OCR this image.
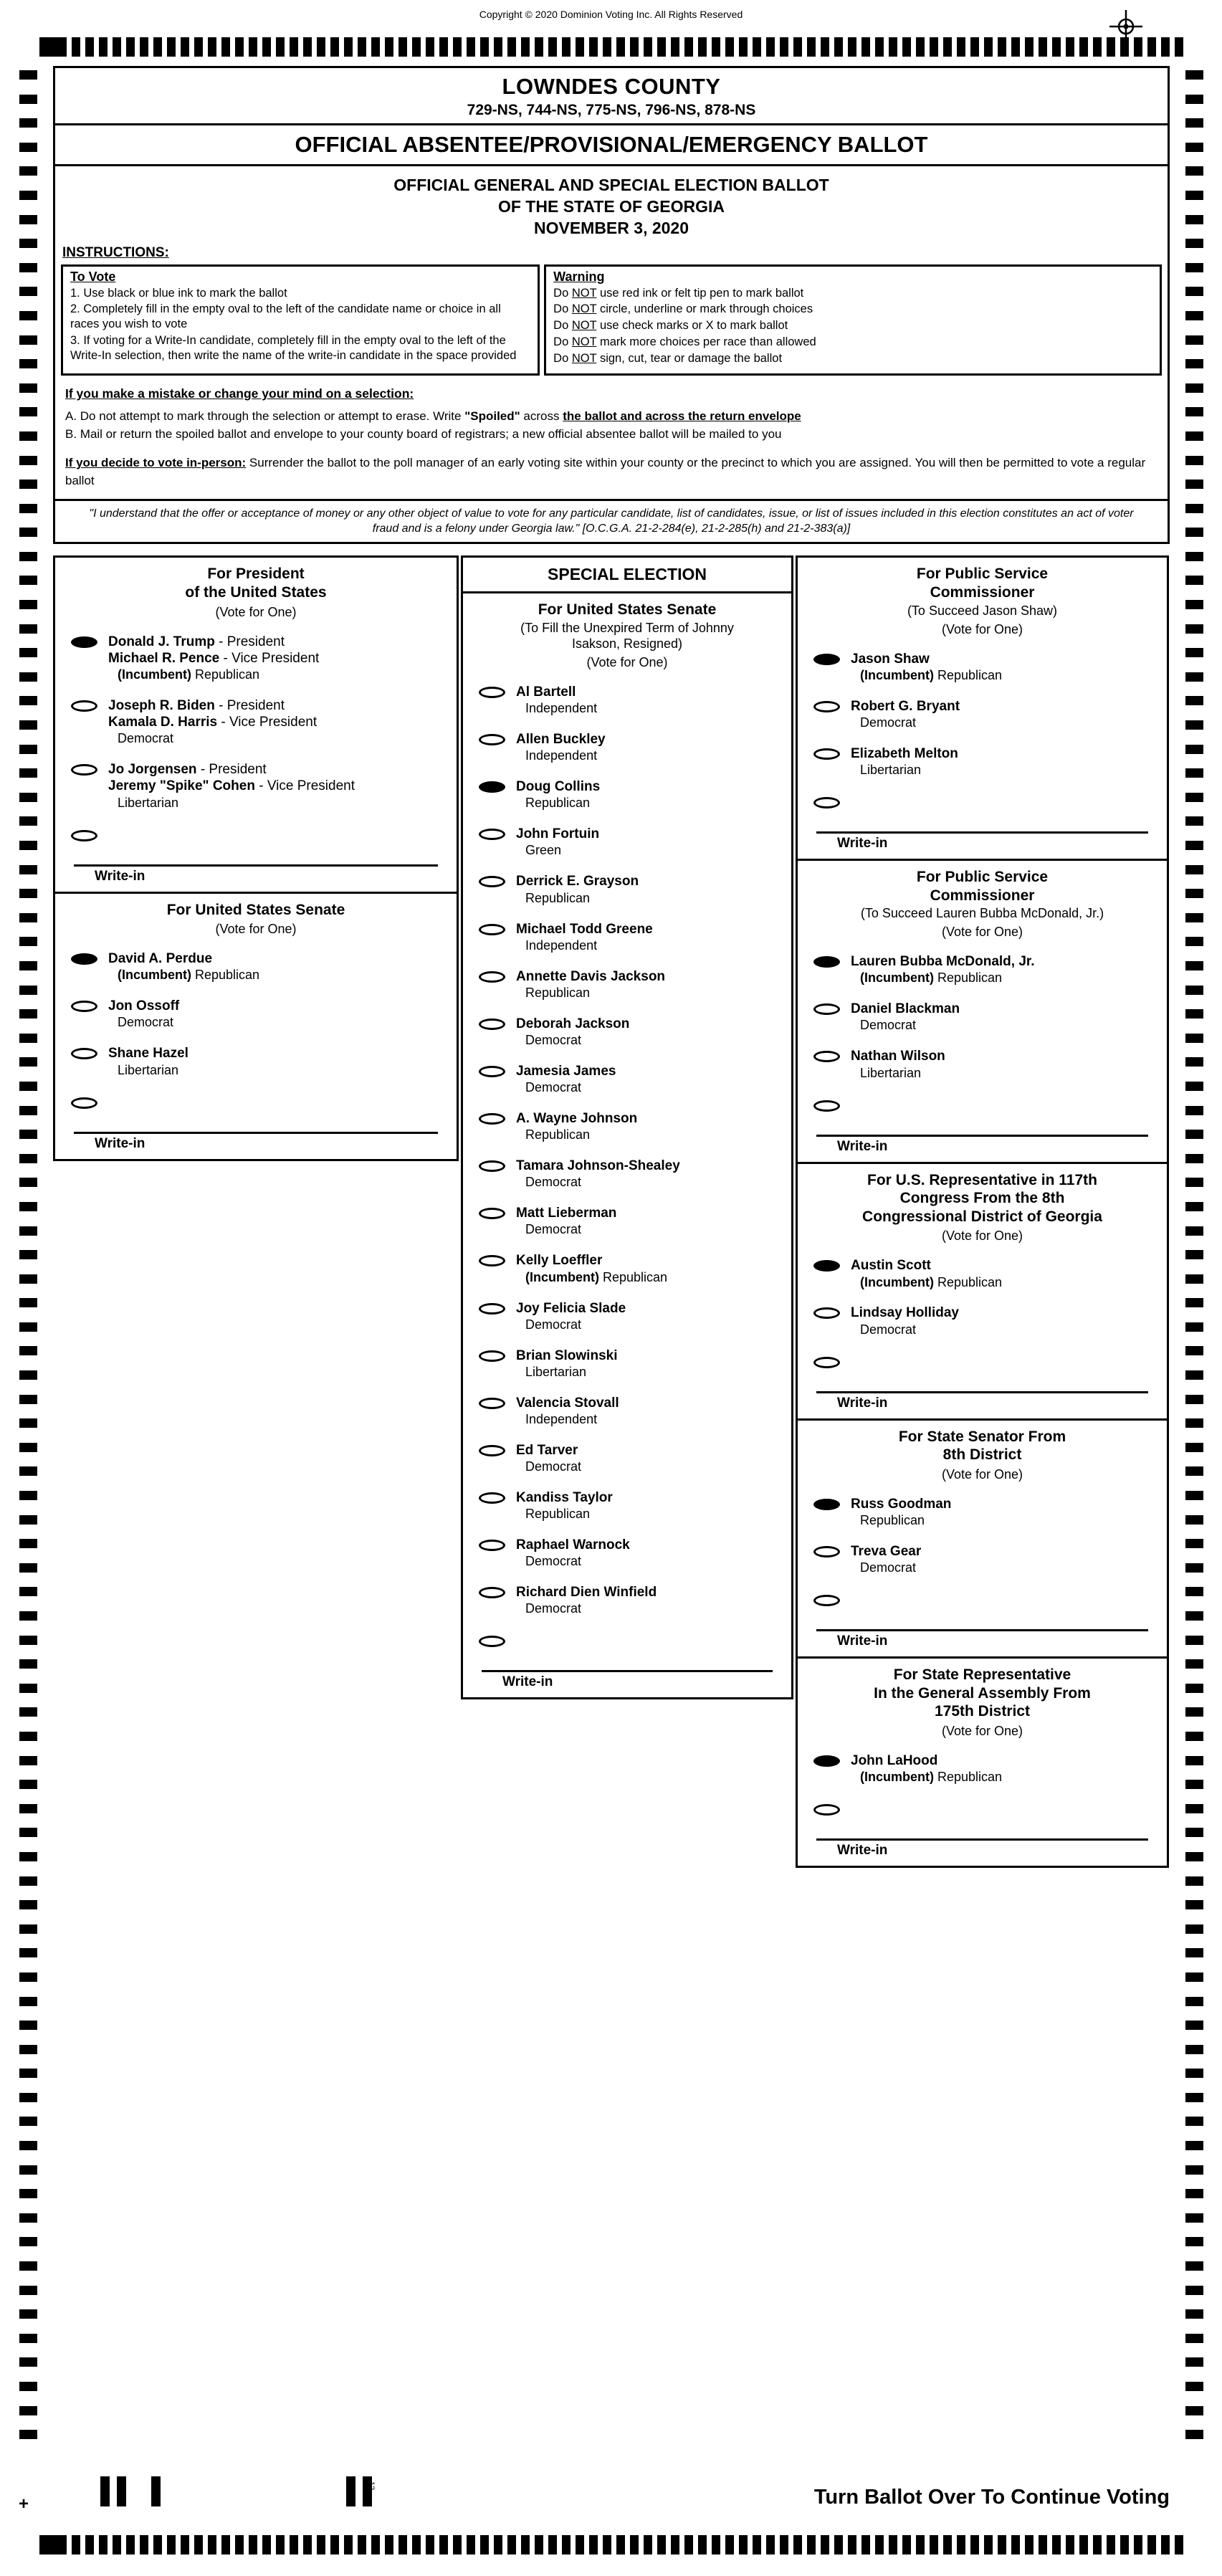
Copyright © 2020 Dominion Voting Inc. All Rights Reserved
LOWNDES COUNTY
729-NS, 744-NS, 775-NS, 796-NS, 878-NS
OFFICIAL ABSENTEE/PROVISIONAL/EMERGENCY BALLOT
OFFICIAL GENERAL AND SPECIAL ELECTION BALLOT
OF THE STATE OF GEORGIA
NOVEMBER 3, 2020
INSTRUCTIONS:
To Vote

1. Use black or blue ink to mark the ballot

2. Completely fill in the empty oval to the left of the candidate name or choice in all races you wish to vote

3. If voting for a Write-In candidate, completely fill in the empty oval to the left of the Write-In selection, then write the name of the write-in candidate in the space provided

Warning

Do NOT use red ink or felt tip pen to mark ballot

Do NOT circle, underline or mark through choices

Do NOT use check marks or X to mark ballot

Do NOT mark more choices per race than allowed

Do NOT sign, cut, tear or damage the ballot

If you make a mistake or change your mind on a selection:
A. Do not attempt to mark through the selection or attempt to erase. Write "Spoiled" across the ballot and across the return envelope
B. Mail or return the spoiled ballot and envelope to your county board of registrars; a new official absentee ballot will be mailed to you
If you decide to vote in-person: Surrender the ballot to the poll manager of an early voting site within your county or the precinct to which you are assigned. You will then be permitted to vote a regular ballot
"I understand that the offer or acceptance of money or any other object of value to vote for any particular candidate, list of candidates, issue, or list of issues included in this election constitutes an act of voter fraud and is a felony under Georgia law." [O.C.G.A. 21-2-284(e), 21-2-285(h) and 21-2-383(a)]
For President
of the United States
(Vote for One)
Donald J. Trump - President
Michael R. Pence - Vice President
(Incumbent) Republican
Joseph R. Biden - President
Kamala D. Harris - Vice President
Democrat
Jo Jorgensen - President
Jeremy "Spike" Cohen - Vice President
Libertarian
Write-in
For United States Senate
(Vote for One)
David A. Perdue
(Incumbent) Republican
Jon Ossoff
Democrat
Shane Hazel
Libertarian
Write-in
SPECIAL ELECTION
For United States Senate
(To Fill the Unexpired Term of Johnny
Isakson, Resigned)
(Vote for One)
Al Bartell
Independent
Allen Buckley
Independent
Doug Collins
Republican
John Fortuin
Green
Derrick E. Grayson
Republican
Michael Todd Greene
Independent
Annette Davis Jackson
Republican
Deborah Jackson
Democrat
Jamesia James
Democrat
A. Wayne Johnson
Republican
Tamara Johnson-Shealey
Democrat
Matt Lieberman
Democrat
Kelly Loeffler
(Incumbent) Republican
Joy Felicia Slade
Democrat
Brian Slowinski
Libertarian
Valencia Stovall
Independent
Ed Tarver
Democrat
Kandiss Taylor
Republican
Raphael Warnock
Democrat
Richard Dien Winfield
Democrat
Write-in
For Public Service
Commissioner
(To Succeed Jason Shaw)
(Vote for One)
Jason Shaw
(Incumbent) Republican
Robert G. Bryant
Democrat
Elizabeth Melton
Libertarian
Write-in
For Public Service
Commissioner
(To Succeed Lauren Bubba McDonald, Jr.)
(Vote for One)
Lauren Bubba McDonald, Jr.
(Incumbent) Republican
Daniel Blackman
Democrat
Nathan Wilson
Libertarian
Write-in
For U.S. Representative in 117th
Congress From the 8th
Congressional District of Georgia
(Vote for One)
Austin Scott
(Incumbent) Republican
Lindsay Holliday
Democrat
Write-in
For State Senator From
8th District
(Vote for One)
Russ Goodman
Republican
Treva Gear
Democrat
Write-in
For State Representative
In the General Assembly From
175th District
(Vote for One)
John LaHood
(Incumbent) Republican
Write-in
Turn Ballot Over To Continue Voting
+
12
